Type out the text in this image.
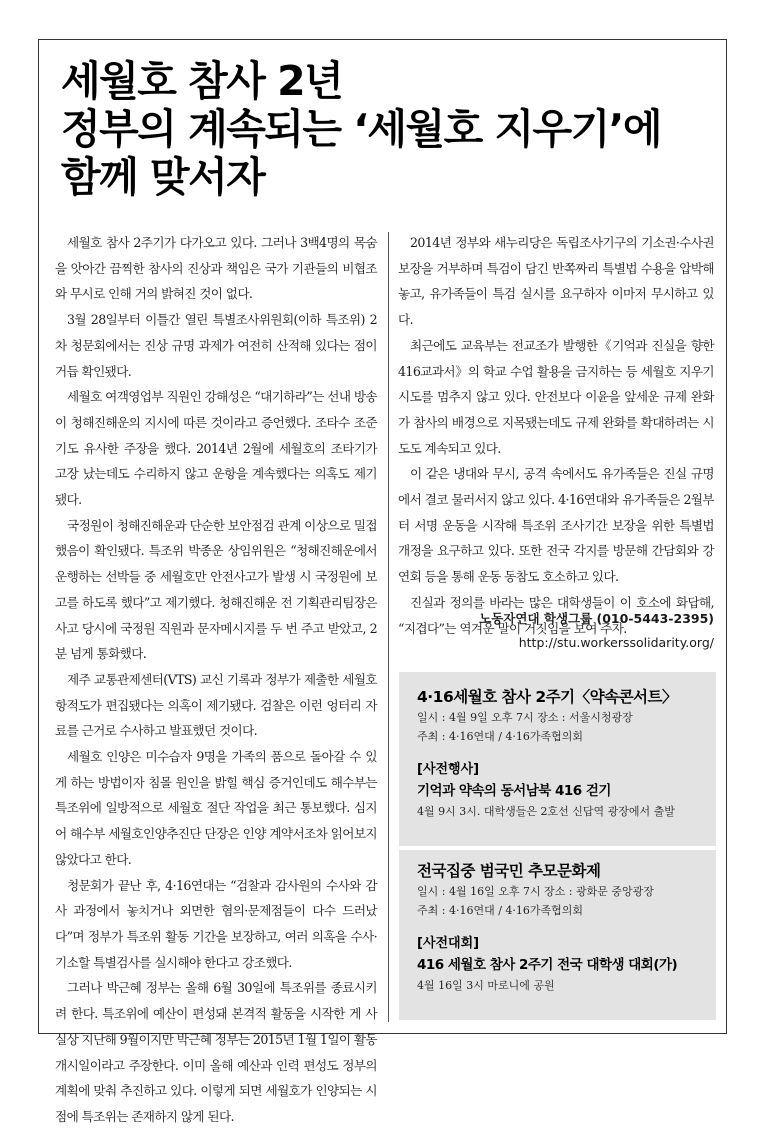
세월호 참사 2년
정부의 계속되는 ‘세월호 지우기’에
함께 맞서자

세월호 참사 2주기가 다가오고 있다. 그러나 3백4명의 목숨을 앗아간 끔찍한 참사의 진상과 책임은 국가 기관들의 비협조와 무시로 인해 거의 밝혀진 것이 없다.

3월 28일부터 이틀간 열린 특별조사위원회(이하 특조위) 2차 청문회에서는 진상 규명 과제가 여전히 산적해 있다는 점이 거듭 확인됐다.

세월호 여객영업부 직원인 강해성은 “대기하라”는 선내 방송이 청해진해운의 지시에 따른 것이라고 증언했다. 조타수 조준기도 유사한 주장을 했다. 2014년 2월에 세월호의 조타기가 고장 났는데도 수리하지 않고 운항을 계속했다는 의혹도 제기됐다.

국정원이 청해진해운과 단순한 보안점검 관계 이상으로 밀접했음이 확인됐다. 특조위 박종운 상임위원은 “청해진해운에서 운행하는 선박들 중 세월호만 안전사고가 발생 시 국정원에 보고를 하도록 했다”고 제기했다. 청해진해운 전 기획관리팀장은 사고 당시에 국정원 직원과 문자메시지를 두 번 주고 받았고, 2분 넘게 통화했다.

제주 교통관제센터(VTS) 교신 기록과 정부가 제출한 세월호 항적도가 편집됐다는 의혹이 제기됐다. 검찰은 이런 엉터리 자료를 근거로 수사하고 발표했던 것이다.

세월호 인양은 미수습자 9명을 가족의 품으로 돌아갈 수 있게 하는 방법이자 침몰 원인을 밝힐 핵심 증거인데도 해수부는 특조위에 일방적으로 세월호 절단 작업을 최근 통보했다. 심지어 해수부 세월호인양추진단 단장은 인양 계약서조차 읽어보지 않았다고 한다.

청문회가 끝난 후, 4·16연대는 “검찰과 감사원의 수사와 감사 과정에서 놓치거나 외면한 혐의·문제점들이 다수 드러났다”며 정부가 특조위 활동 기간을 보장하고, 여러 의혹을 수사·기소할 특별검사를 실시해야 한다고 강조했다.

그러나 박근혜 정부는 올해 6월 30일에 특조위를 종료시키려 한다. 특조위에 예산이 편성돼 본격적 활동을 시작한 게 사실상 지난해 9월이지만 박근혜 정부는 2015년 1월 1일이 활동 개시일이라고 주장한다. 이미 올해 예산과 인력 편성도 정부의 계획에 맞춰 추진하고 있다. 이렇게 되면 세월호가 인양되는 시점에 특조위는 존재하지 않게 된다.

2014년 정부와 새누리당은 독립조사기구의 기소권·수사권 보장을 거부하며 특검이 담긴 반쪽짜리 특별법 수용을 압박해 놓고, 유가족들이 특검 실시를 요구하자 이마저 무시하고 있다.

최근에도 교육부는 전교조가 발행한《기억과 진실을 향한 416교과서》의 학교 수업 활용을 금지하는 등 세월호 지우기 시도를 멈추지 않고 있다. 안전보다 이윤을 앞세운 규제 완화가 참사의 배경으로 지목됐는데도 규제 완화를 확대하려는 시도도 계속되고 있다.

이 같은 냉대와 무시, 공격 속에서도 유가족들은 진실 규명에서 결코 물러서지 않고 있다. 4·16연대와 유가족들은 2월부터 서명 운동을 시작해 특조위 조사기간 보장을 위한 특별법 개정을 요구하고 있다. 또한 전국 각지를 방문해 간담회와 강연회 등을 통해 운동 동참도 호소하고 있다.

진실과 정의를 바라는 많은 대학생들이 이 호소에 화답해, “지겹다”는 역겨운 말이 거짓임을 보여 주자.

노동자연대 학생그룹 (010-5443-2395)
http://stu.workerssolidarity.org/
4·16세월호 참사 2주기〈약속콘서트〉
일시 : 4월 9일 오후 7시 장소 : 서울시청광장
주최 : 4·16연대 / 4·16가족협의회
[사전행사]
기억과 약속의 동서남북 416 걷기
4월 9시 3시. 대학생들은 2호선 신답역 광장에서 출발
전국집중 범국민 추모문화제
일시 : 4월 16일 오후 7시 장소 : 광화문 중앙광장
주최 : 4·16연대 / 4·16가족협의회
[사전대회]
416 세월호 참사 2주기 전국 대학생 대회(가)
4월 16일 3시 마로니에 공원
